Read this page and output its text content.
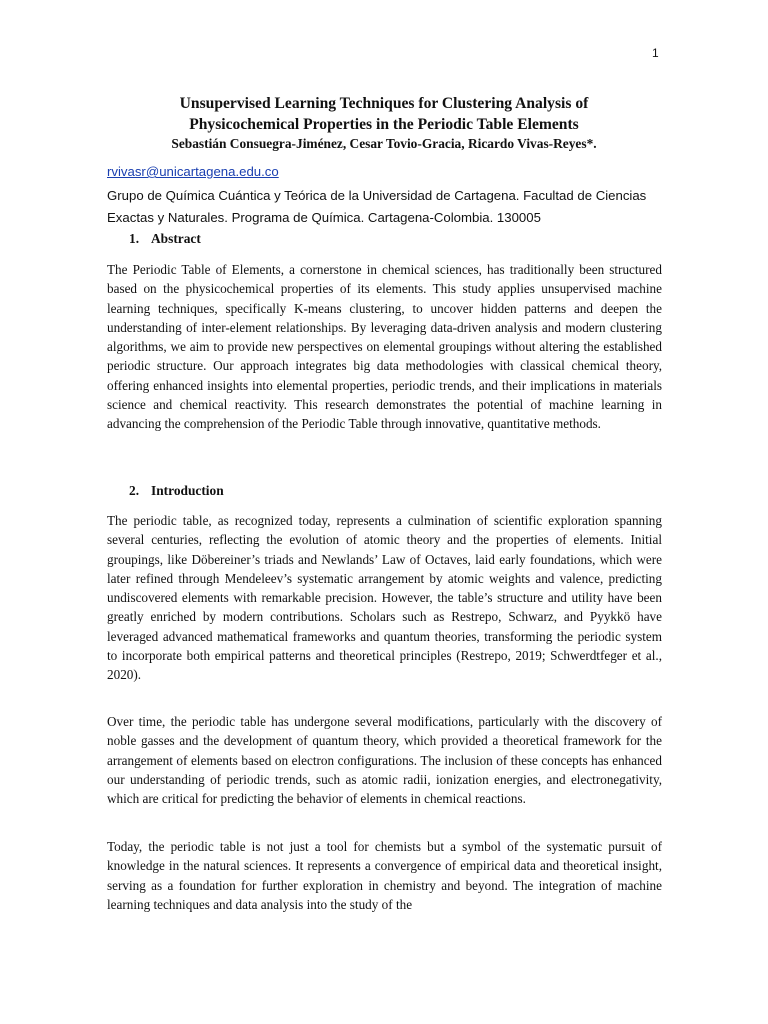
1
Unsupervised Learning Techniques for Clustering Analysis of
Physicochemical Properties in the Periodic Table Elements
Sebastián Consuegra-Jiménez, Cesar Tovio-Gracia, Ricardo Vivas-Reyes*.
rvivasr@unicartagena.edu.co
Grupo de Química Cuántica y Teórica de la Universidad de Cartagena. Facultad de Ciencias Exactas y Naturales. Programa de Química. Cartagena-Colombia. 130005
1. Abstract
The Periodic Table of Elements, a cornerstone in chemical sciences, has traditionally been structured based on the physicochemical properties of its elements. This study applies unsupervised machine learning techniques, specifically K-means clustering, to uncover hidden patterns and deepen the understanding of inter-element relationships. By leveraging data-driven analysis and modern clustering algorithms, we aim to provide new perspectives on elemental groupings without altering the established periodic structure. Our approach integrates big data methodologies with classical chemical theory, offering enhanced insights into elemental properties, periodic trends, and their implications in materials science and chemical reactivity. This research demonstrates the potential of machine learning in advancing the comprehension of the Periodic Table through innovative, quantitative methods.
2. Introduction
The periodic table, as recognized today, represents a culmination of scientific exploration spanning several centuries, reflecting the evolution of atomic theory and the properties of elements. Initial groupings, like Döbereiner’s triads and Newlands’ Law of Octaves, laid early foundations, which were later refined through Mendeleev’s systematic arrangement by atomic weights and valence, predicting undiscovered elements with remarkable precision. However, the table’s structure and utility have been greatly enriched by modern contributions. Scholars such as Restrepo, Schwarz, and Pyykkö have leveraged advanced mathematical frameworks and quantum theories, transforming the periodic system to incorporate both empirical patterns and theoretical principles (Restrepo, 2019; Schwerdtfeger et al., 2020).
Over time, the periodic table has undergone several modifications, particularly with the discovery of noble gasses and the development of quantum theory, which provided a theoretical framework for the arrangement of elements based on electron configurations. The inclusion of these concepts has enhanced our understanding of periodic trends, such as atomic radii, ionization energies, and electronegativity, which are critical for predicting the behavior of elements in chemical reactions.
Today, the periodic table is not just a tool for chemists but a symbol of the systematic pursuit of knowledge in the natural sciences. It represents a convergence of empirical data and theoretical insight, serving as a foundation for further exploration in chemistry and beyond. The integration of machine learning techniques and data analysis into the study of the
